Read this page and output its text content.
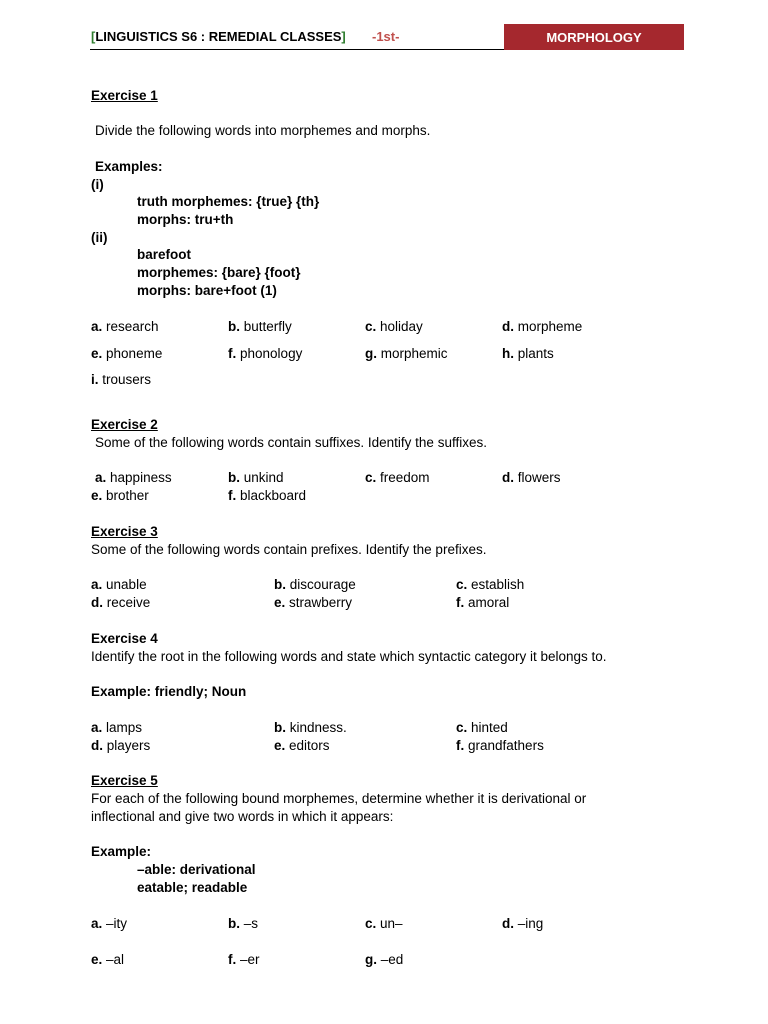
[LINGUISTICS S6 : REMEDIAL CLASSES] -1st-	MORPHOLOGY
Exercise 1
Divide the following words into morphemes and morphs.
Examples:
(i)
truth morphemes: {true} {th}
morphs: tru+th
(ii)
barefoot
morphemes: {bare} {foot}
morphs: bare+foot (1)
a. research	b. butterfly	c. holiday	d. morpheme
e. phoneme	f. phonology	g. morphemic	h. plants
i. trousers
Exercise 2
Some of the following words contain suffixes. Identify the suffixes.
a. happiness	b. unkind	c. freedom	d. flowers
e. brother	f. blackboard
Exercise 3
Some of the following words contain prefixes. Identify the prefixes.
a. unable	b. discourage	c. establish
d. receive	e. strawberry	f. amoral
Exercise 4
Identify the root in the following words and state which syntactic category it belongs to.
Example: friendly; Noun
a. lamps	b. kindness.	c. hinted
d. players	e. editors	f. grandfathers
Exercise 5
For each of the following bound morphemes, determine whether it is derivational or
inflectional and give two words in which it appears:
Example:
–able: derivational
eatable; readable
a. –ity	b. –s	c. un–	d. –ing
e. –al	f. –er	g. –ed
